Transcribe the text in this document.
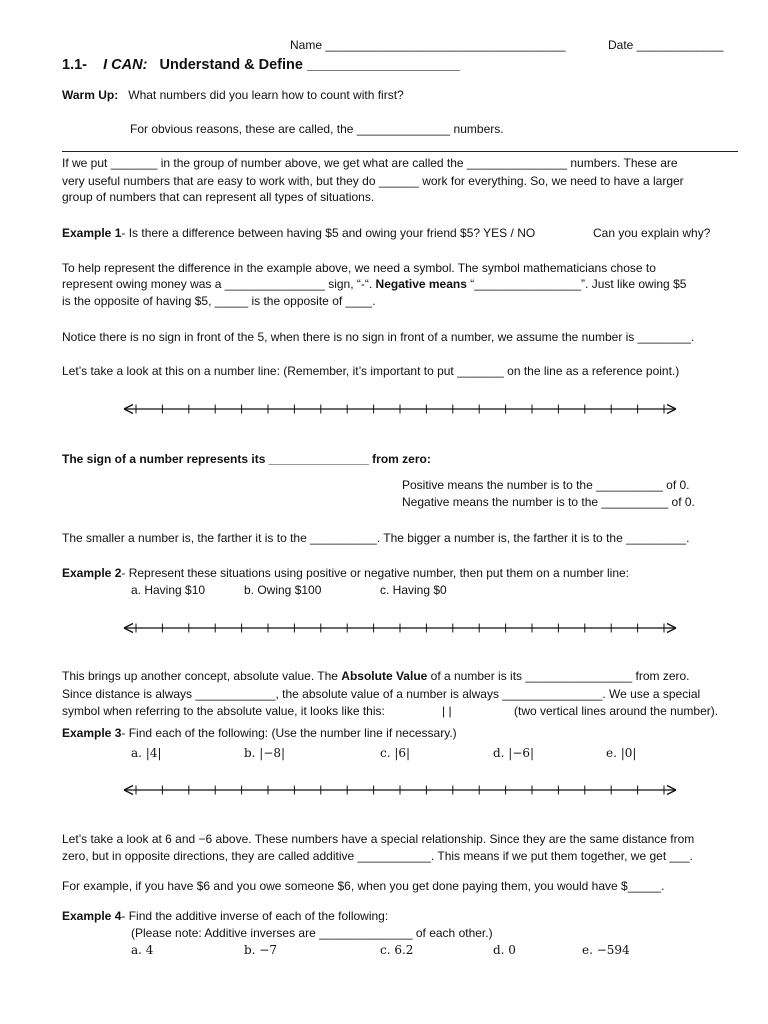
Name ____________________________________	Date _____________
1.1- I CAN: Understand & Define ___________________
Warm Up: What numbers did you learn how to count with first?
For obvious reasons, these are called, the ______________ numbers.
If we put _______ in the group of number above, we get what are called the _______________ numbers. These are
very useful numbers that are easy to work with, but they do ______ work for everything. So, we need to have a larger
group of numbers that can represent all types of situations.
Example 1- Is there a difference between having $5 and owing your friend $5? YES / NO	Can you explain why?
To help represent the difference in the example above, we need a symbol. The symbol mathematicians chose to
represent owing money was a _______________ sign, “-“. Negative means “________________”. Just like owing $5
is the opposite of having $5, _____ is the opposite of ____.
Notice there is no sign in front of the 5, when there is no sign in front of a number, we assume the number is ________.
Let’s take a look at this on a number line: (Remember, it’s important to put _______ on the line as a reference point.)
The sign of a number represents its _______________ from zero:
Positive means the number is to the __________ of 0.
Negative means the number is to the __________ of 0.
The smaller a number is, the farther it is to the __________. The bigger a number is, the farther it is to the _________.
Example 2- Represent these situations using positive or negative number, then put them on a number line:
a. Having $10	b. Owing $100	c. Having $0
This brings up another concept, absolute value. The Absolute Value of a number is its ________________ from zero.
Since distance is always ____________, the absolute value of a number is always _______________. We use a special
symbol when referring to the absolute value, it looks like this:	| |	(two vertical lines around the number).
Example 3- Find each of the following: (Use the number line if necessary.)
a. |4|	b. |−8|	c. |6|	d. |−6|	e. |0|
Let’s take a look at 6 and −6 above. These numbers have a special relationship. Since they are the same distance from
zero, but in opposite directions, they are called additive ___________. This means if we put them together, we get ___.
For example, if you have $6 and you owe someone $6, when you get done paying them, you would have $_____.
Example 4- Find the additive inverse of each of the following:
(Please note: Additive inverses are ______________ of each other.)
a. 4	b. −7	c. 6.2	d. 0	e. −594
